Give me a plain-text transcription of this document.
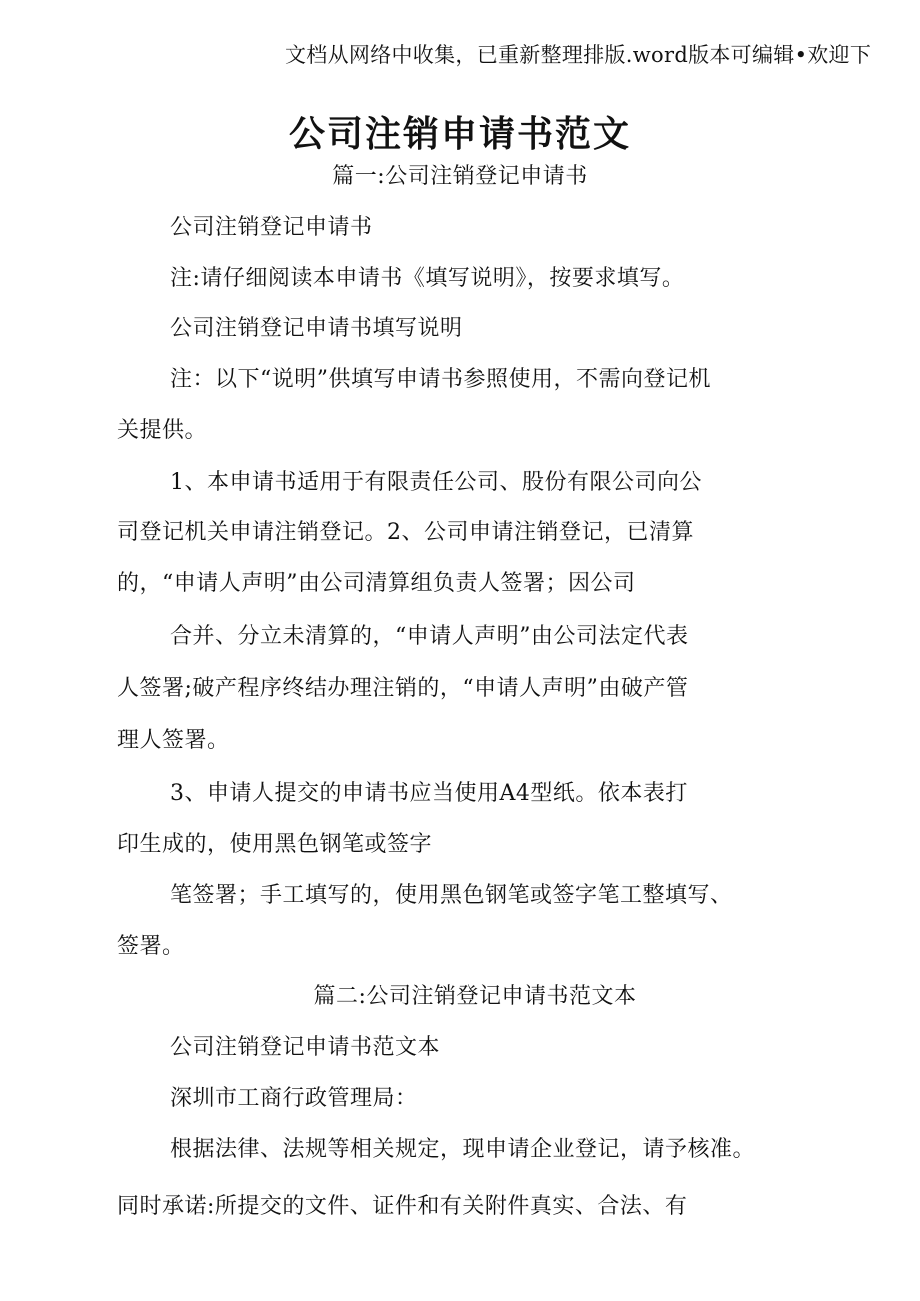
文档从网络中收集，已重新整理排版.word版本可编辑•欢迎下
公司注销申请书范文
篇一:公司注销登记申请书

公司注销登记申请书

注:请仔细阅读本申请书《填写说明》，按要求填写。

公司注销登记申请书填写说明

注：以下“说明”供填写申请书参照使用，不需向登记机

关提供。

1、本申请书适用于有限责任公司、股份有限公司向公

司登记机关申请注销登记。2、公司申请注销登记，已清算

的，“申请人声明”由公司清算组负责人签署；因公司

合并、分立未清算的，“申请人声明”由公司法定代表

人签署;破产程序终结办理注销的，“申请人声明”由破产管

理人签署。

3、申请人提交的申请书应当使用A4型纸。依本表打

印生成的，使用黑色钢笔或签字

笔签署；手工填写的，使用黑色钢笔或签字笔工整填写、

签署。

篇二:公司注销登记申请书范文本

公司注销登记申请书范文本

深圳市工商行政管理局：

根据法律、法规等相关规定，现申请企业登记，请予核准。

同时承诺:所提交的文件、证件和有关附件真实、合法、有
